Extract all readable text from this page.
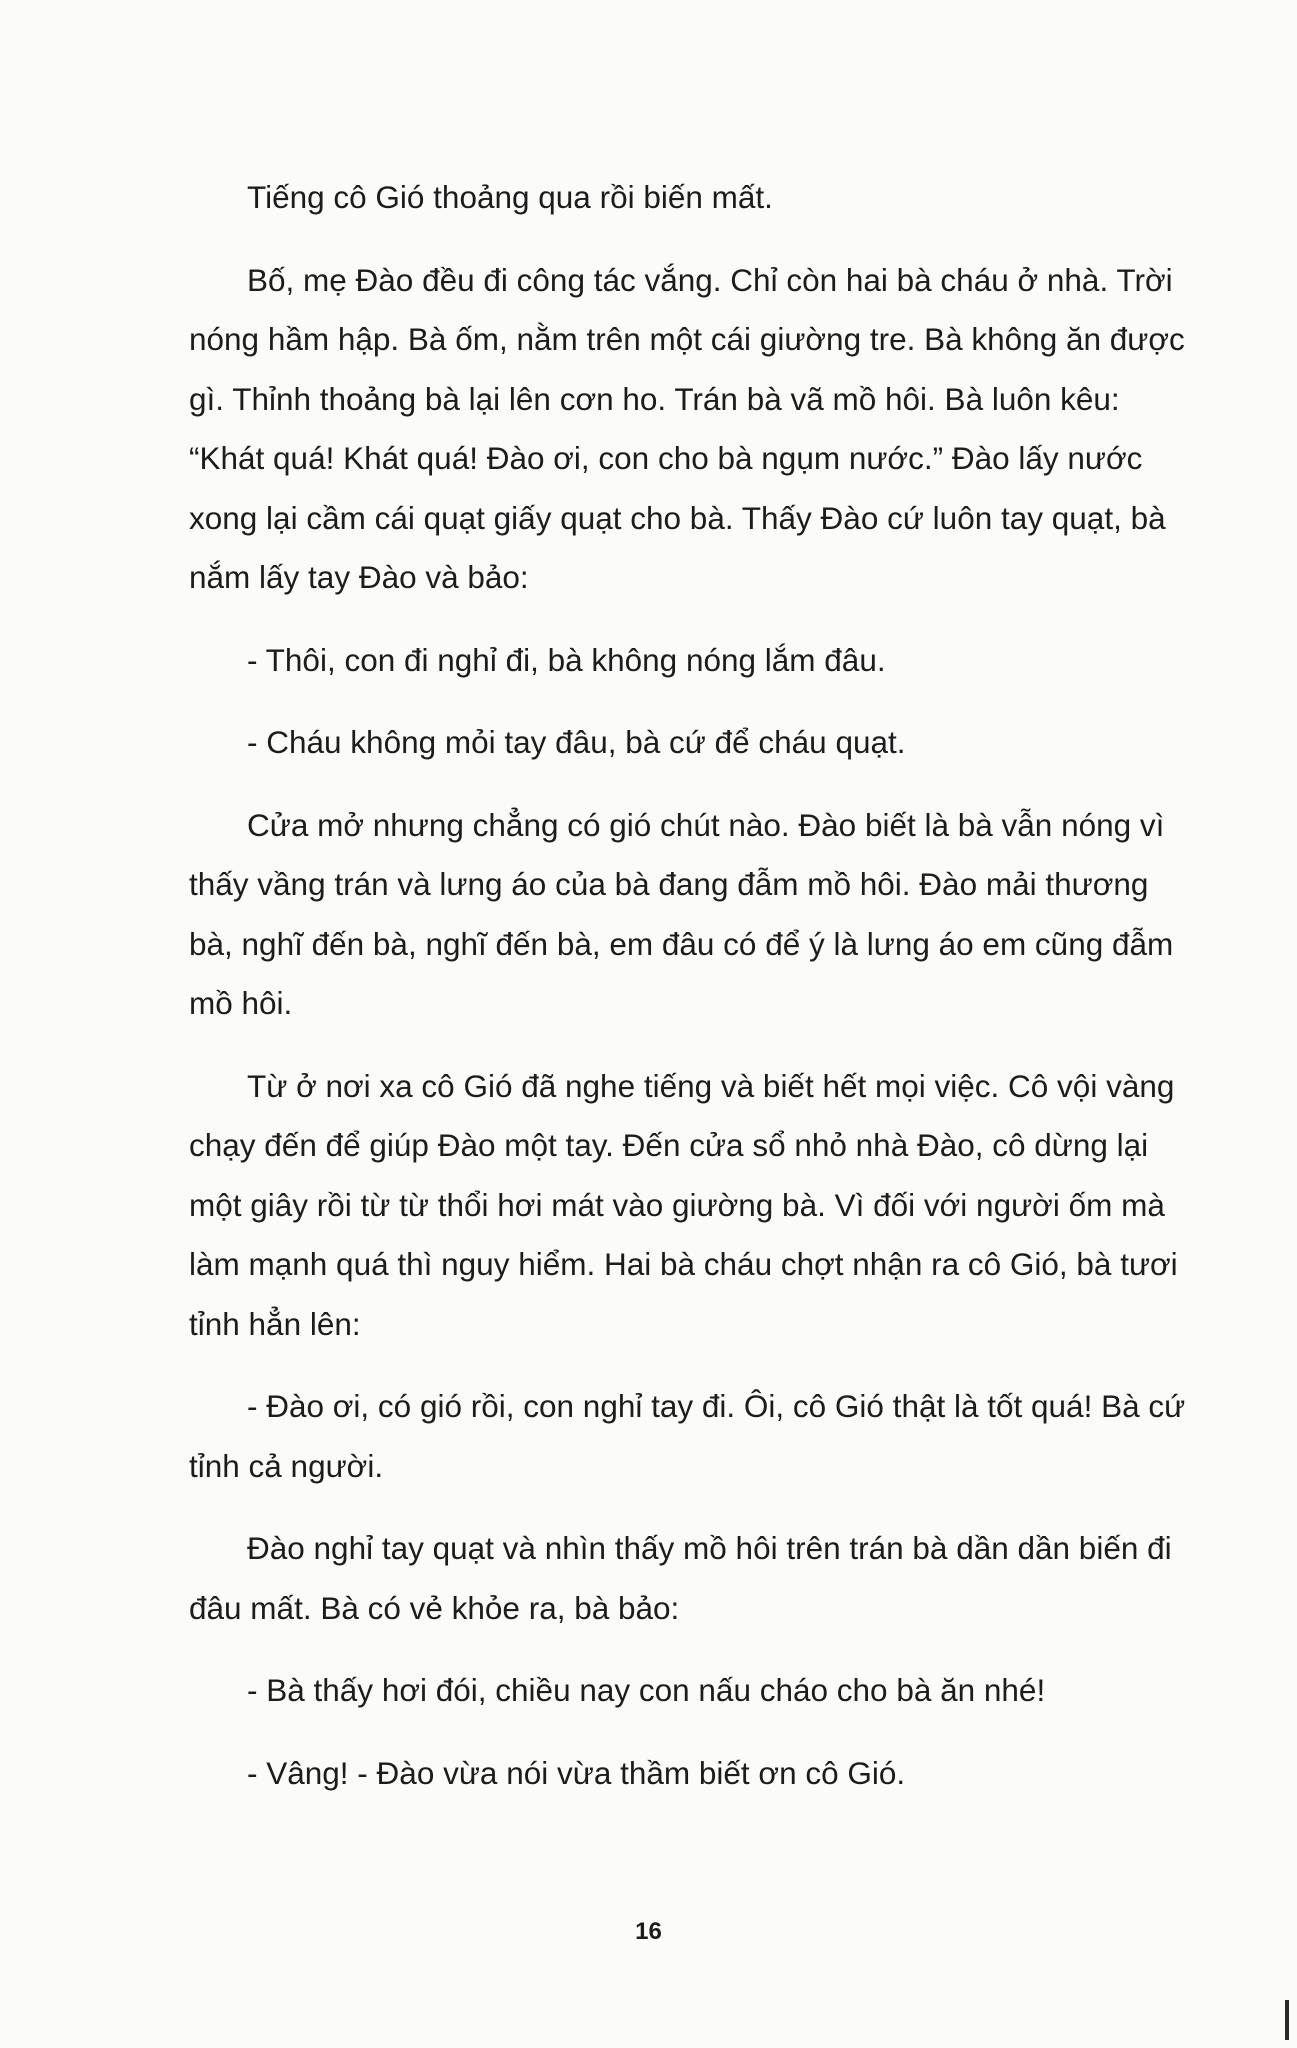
Tiếng cô Gió thoảng qua rồi biến mất.

Bố, mẹ Đào đều đi công tác vắng. Chỉ còn hai bà cháu ở nhà. Trời nóng hầm hập. Bà ốm, nằm trên một cái giường tre. Bà không ăn được gì. Thỉnh thoảng bà lại lên cơn ho. Trán bà vã mồ hôi. Bà luôn kêu: “Khát quá! Khát quá! Đào ơi, con cho bà ngụm nước.” Đào lấy nước xong lại cầm cái quạt giấy quạt cho bà. Thấy Đào cứ luôn tay quạt, bà nắm lấy tay Đào và bảo:

- Thôi, con đi nghỉ đi, bà không nóng lắm đâu.

- Cháu không mỏi tay đâu, bà cứ để cháu quạt.

Cửa mở nhưng chẳng có gió chút nào. Đào biết là bà vẫn nóng vì thấy vầng trán và lưng áo của bà đang đẫm mồ hôi. Đào mải thương bà, nghĩ đến bà, nghĩ đến bà, em đâu có để ý là lưng áo em cũng đẫm mồ hôi.

Từ ở nơi xa cô Gió đã nghe tiếng và biết hết mọi việc. Cô vội vàng chạy đến để giúp Đào một tay. Đến cửa sổ nhỏ nhà Đào, cô dừng lại một giây rồi từ từ thổi hơi mát vào giường bà. Vì đối với người ốm mà làm mạnh quá thì nguy hiểm. Hai bà cháu chợt nhận ra cô Gió, bà tươi tỉnh hẳn lên:

- Đào ơi, có gió rồi, con nghỉ tay đi. Ôi, cô Gió thật là tốt quá! Bà cứ tỉnh cả người.

Đào nghỉ tay quạt và nhìn thấy mồ hôi trên trán bà dần dần biến đi đâu mất. Bà có vẻ khỏe ra, bà bảo:

- Bà thấy hơi đói, chiều nay con nấu cháo cho bà ăn nhé!

- Vâng! - Đào vừa nói vừa thầm biết ơn cô Gió.

16
